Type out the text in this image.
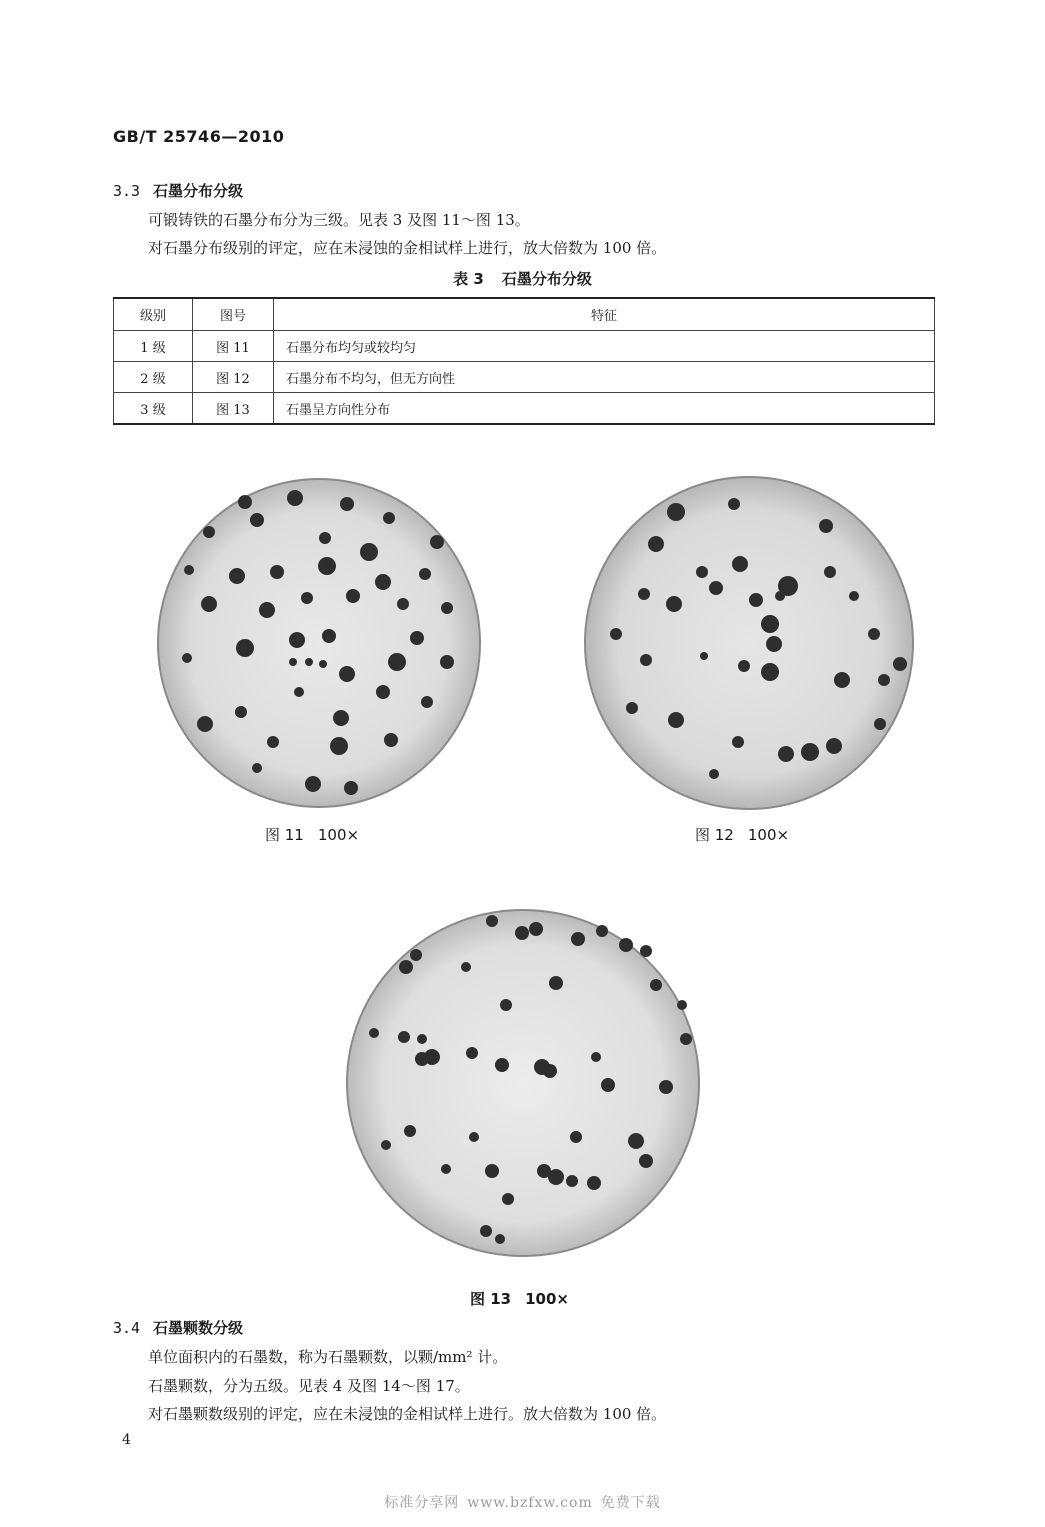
GB/T 25746—2010
3.3 石墨分布分级
可锻铸铁的石墨分布分为三级。见表 3 及图 11～图 13。
对石墨分布级别的评定，应在未浸蚀的金相试样上进行，放大倍数为 100 倍。
表 3 石墨分布分级
级别	图号	特征
1 级	图 11	石墨分布均匀或较均匀
2 级	图 12	石墨分布不均匀，但无方向性
3 级	图 13	石墨呈方向性分布
图 11 100×	图 12 100×
图 13 100×
3.4 石墨颗数分级
单位面积内的石墨数，称为石墨颗数，以颗/mm² 计。
石墨颗数，分为五级。见表 4 及图 14～图 17。
对石墨颗数级别的评定，应在未浸蚀的金相试样上进行。放大倍数为 100 倍。
4
标准分享网 www.bzfxw.com 免费下载
